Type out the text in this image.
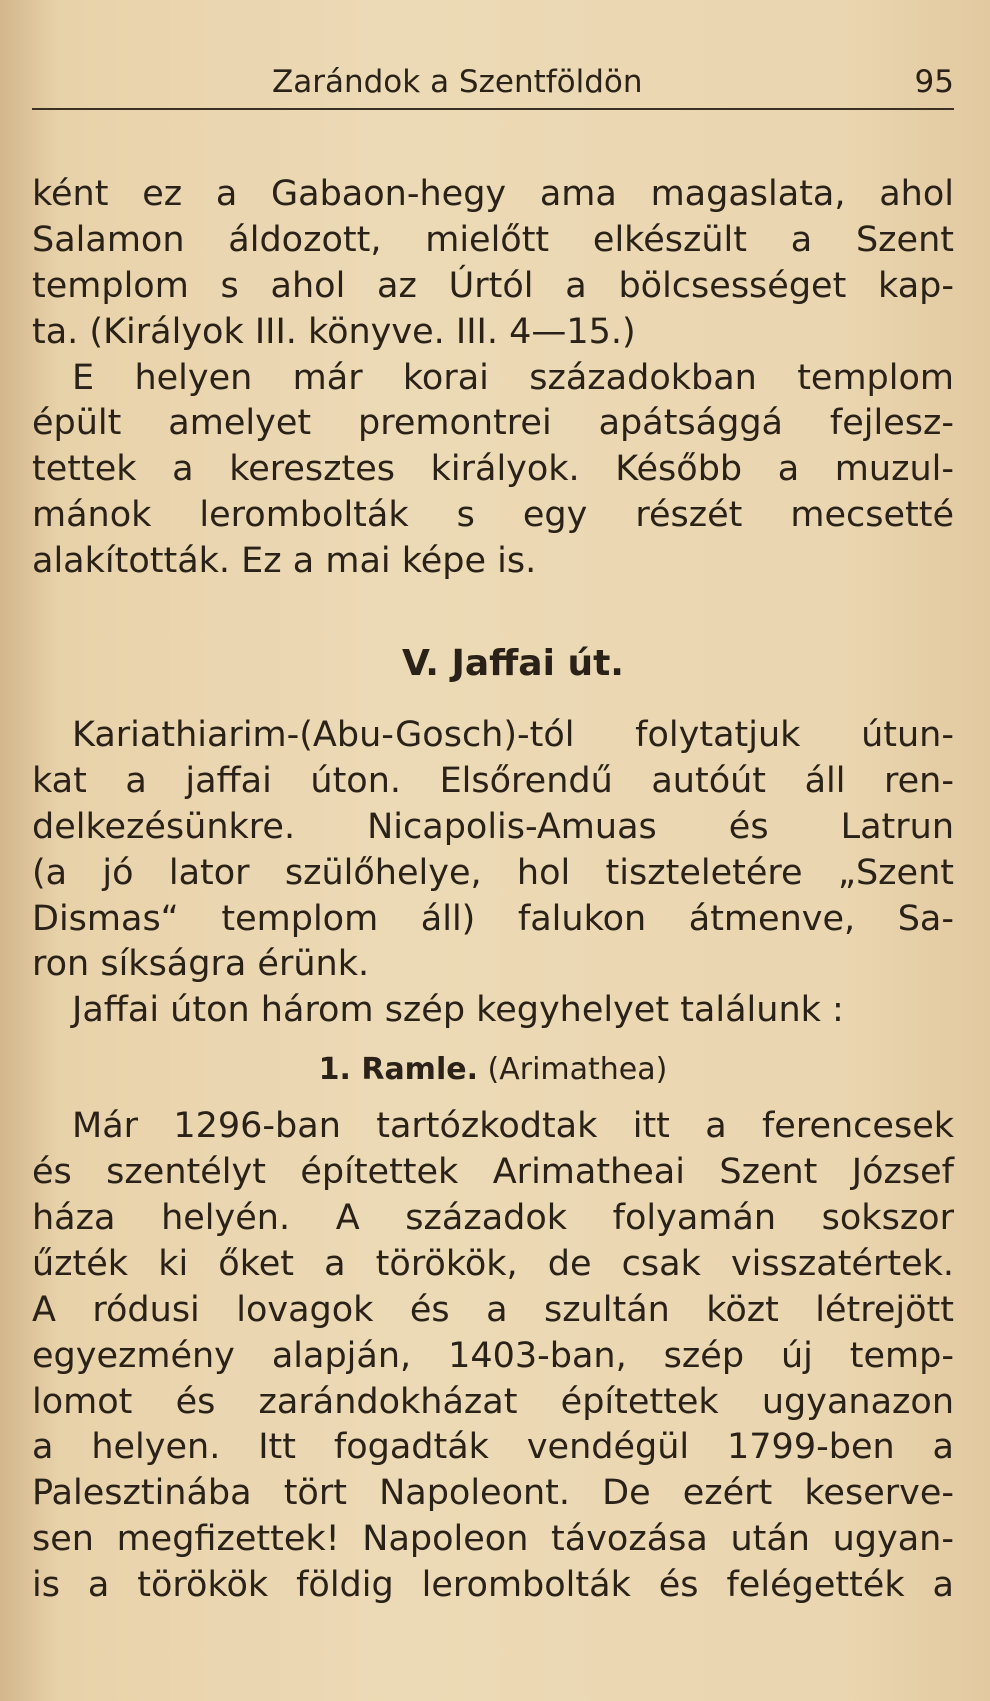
Zarándok a Szentföldön	95
ként ez a Gabaon-hegy ama magaslata, ahol
Salamon áldozott, mielőtt elkészült a Szent
templom s ahol az Úrtól a bölcsességet kap-
ta. (Királyok III. könyve. III. 4—15.)
E helyen már korai századokban templom
épült amelyet premontrei apátsággá fejlesz-
tettek a keresztes királyok. Később a muzul-
mánok lerombolták s egy részét mecsetté
alakították. Ez a mai képe is.
V. Jaffai út.
Kariathiarim-(Abu-Gosch)-tól folytatjuk útun-
kat a jaffai úton. Elsőrendű autóút áll ren-
delkezésünkre. Nicapolis-Amuas és Latrun
(a jó lator szülőhelye, hol tiszteletére „Szent
Dismas“ templom áll) falukon átmenve, Sa-
ron síkságra érünk.
Jaffai úton három szép kegyhelyet találunk :
1. Ramle. (Arimathea)
Már 1296-ban tartózkodtak itt a ferencesek
és szentélyt építettek Arimatheai Szent József
háza helyén. A századok folyamán sokszor
űzték ki őket a törökök, de csak visszatértek.
A ródusi lovagok és a szultán közt létrejött
egyezmény alapján, 1403-ban, szép új temp-
lomot és zarándokházat építettek ugyanazon
a helyen. Itt fogadták vendégül 1799-ben a
Palesztinába tört Napoleont. De ezért keserve-
sen megfizettek! Napoleon távozása után ugyan-
is a törökök földig lerombolták és felégették a
